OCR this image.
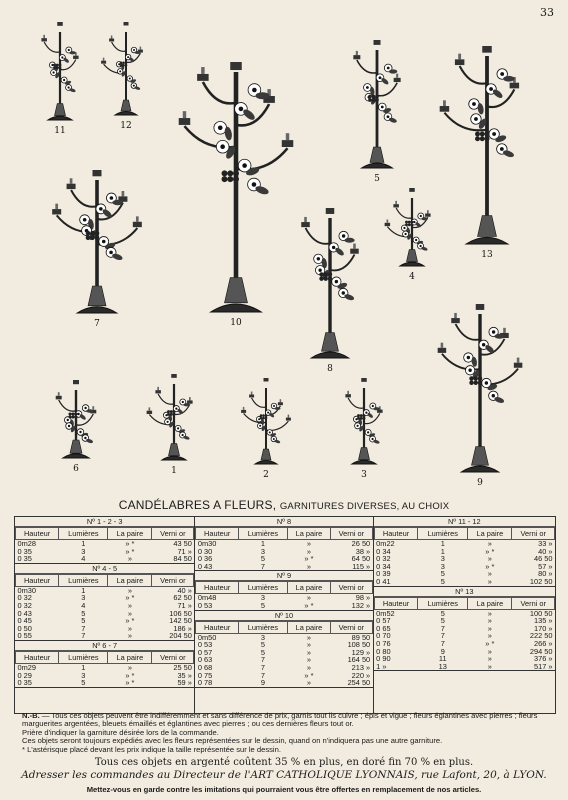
33
11	12
10
5
13
7
8
4
9
6	1	2	3
CANDÉLABRES A FLEURS, GARNITURES DIVERSES, AU CHOIX
Nº 1 - 2 - 3
Hauteur	Lumières	La paire	Verni or
0m28	1	» *	43 50
0 35	3	» *	71 »
0 35	4	»	84 50
Nº 4 - 5
Hauteur	Lumières	La paire	Verni or
0m30	1	»	40 »
0 32	3	» *	62 50
0 32	4	»	71 »
0 43	5	»	106 50
0 45	5	» *	142 50
0 50	7	»	186 »
0 55	7	»	204 50
Nº 6 - 7
Hauteur	Lumières	La paire	Verni or
0m29	1	»	25 50
0 29	3	» *	35 »
0 35	5	» *	59 »
Nº 8
Hauteur	Lumières	La paire	Verni or
0m30	1	»	26 50
0 30	3	»	38 »
0 36	5	» *	64 50
0 43	7	»	115 »
Nº 9
Hauteur	Lumières	La paire	Verni or
0m48	3	»	98 »
0 53	5	» *	132 »
Nº 10
Hauteur	Lumières	La paire	Verni or
0m50	3	»	89 50
0 53	5	»	108 50
0 57	5	»	129 »
0 63	7	»	164 50
0 68	7	»	213 »
0 75	7	» *	220 »
0 78	9	»	254 50
Nº 11 - 12
Hauteur	Lumières	La paire	Verni or
0m22	1	»	33 »
0 34	1	» *	40 »
0 32	3	»	46 50
0 34	3	» *	57 »
0 39	5	»	80 »
0 41	5	»	102 50
Nº 13
Hauteur	Lumières	La paire	Verni or
0m52	5	»	100 50
0 57	5	»	135 »
0 65	7	»	170 »
0 70	7	»	222 50
0 76	7	» *	266 »
0 80	9	»	294 50
0 90	11	»	376 »
1 »	13	»	517 »
N.-B. — Tous ces objets peuvent être indifféremment et sans différence de prix, garnis tout lis cuivre ; épis et vigue ; fleurs églantines avec pierres ; fleurs marguerites argentées, bleuets émaillés et églantines avec pierres ; ou ces dernières fleurs tout or.
Prière d'indiquer la garniture désirée lors de la commande.
Ces objets seront toujours expédiés avec les fleurs représentées sur le dessin, quand on n'indiquera pas une autre garniture.
* L'astérisque placé devant les prix indique la taille représentée sur le dessin.
Tous ces objets en argenté coûtent 35 % en plus, en doré fin 70 % en plus.
Adresser les commandes au Directeur de l'ART CATHOLIQUE LYONNAIS, rue Lafont, 20, à LYON.
Mettez-vous en garde contre les imitations qui pourraient vous être offertes en remplacement de nos articles.
